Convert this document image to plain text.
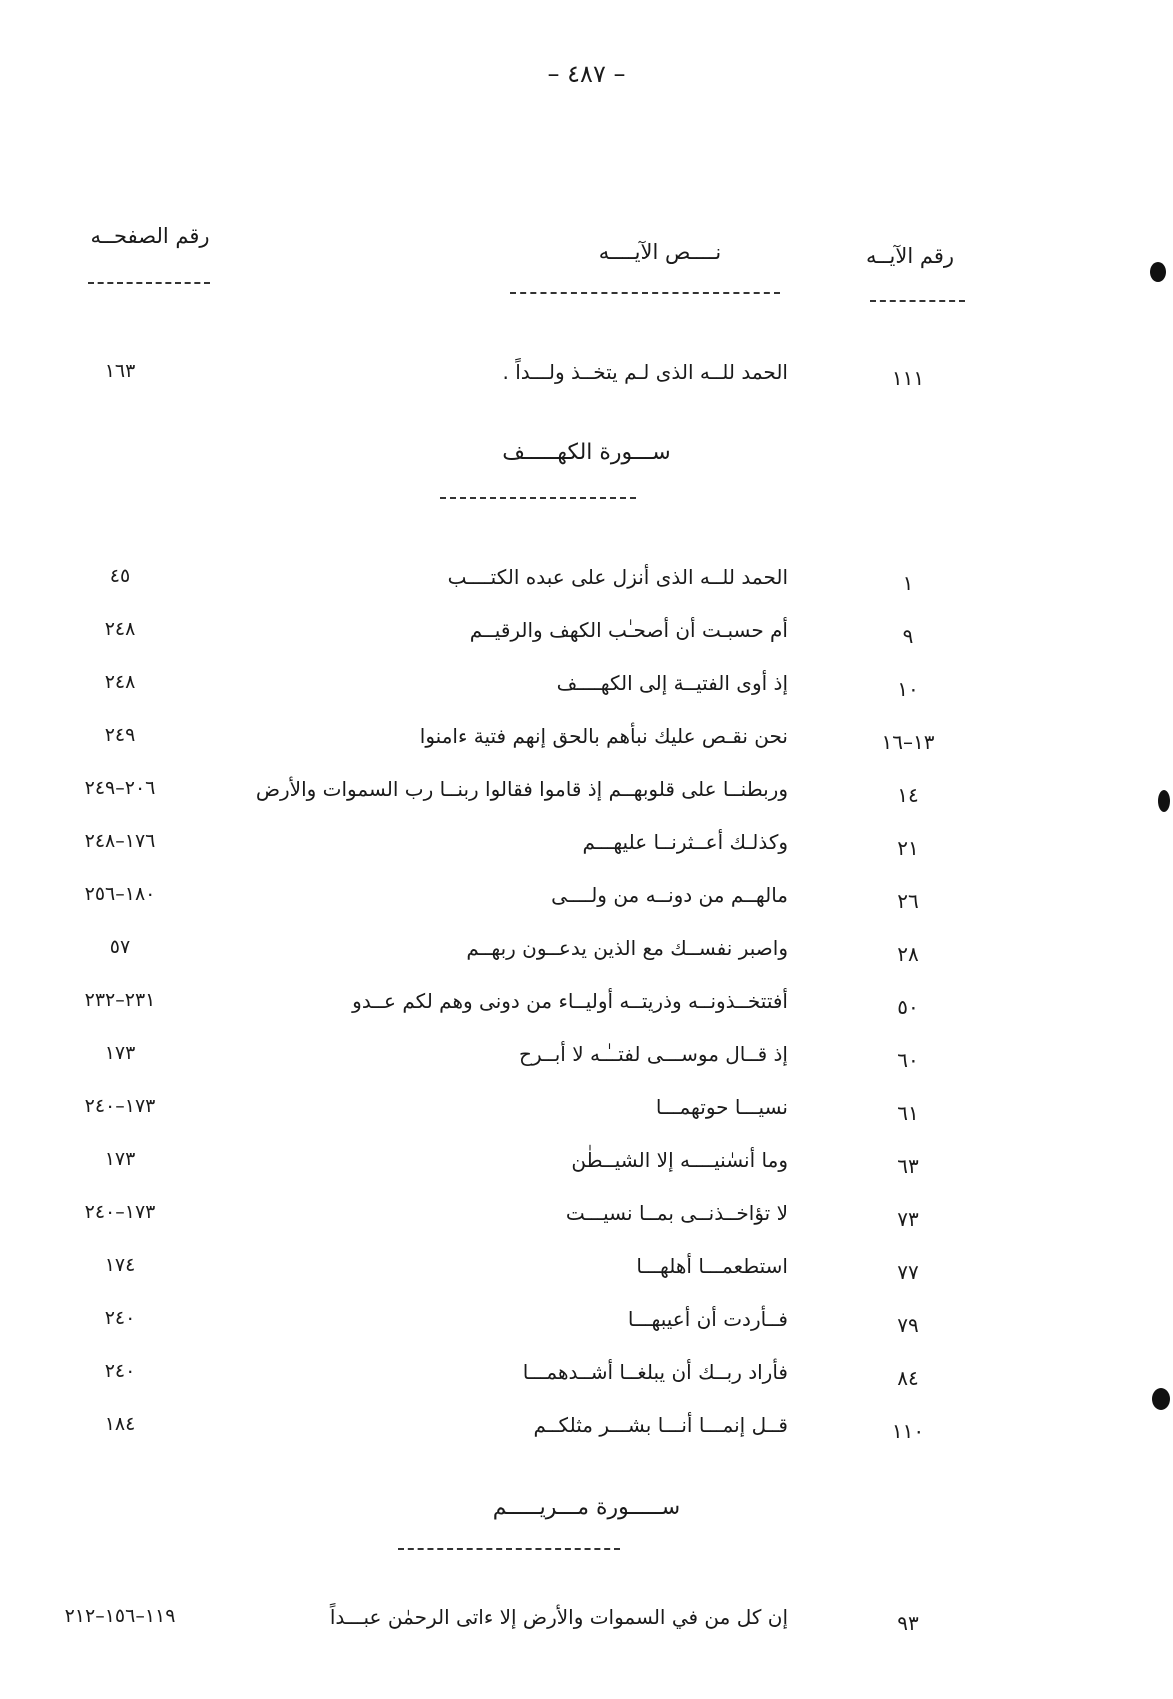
– ٤٨٧ –
رقم الآيــه
نــــص الآيــــه
رقم الصفحــه
١١١
الحمد للــه الذى لـم يتخــذ ولـــداً .
١٦٣
ســـورة الكهـــــف
١
الحمد للــه الذى أنزل على عبده الكتــــب
٤٥
٩
أم حسبـت أن أصحـٰب الكهف والرقيــم
٢٤٨
١٠
إذ أوى الفتيــة إلى الكهــــف
٢٤٨
١٣–١٦
نحن نقـص عليك نبأهم بالحق إنهم فتية ءامنوا
٢٤٩
١٤
وربطنــا على قلوبهــم إذ قاموا فقالوا ربنــا رب السموات والأرض
٢٠٦–٢٤٩
٢١
وكذلـك أعــثرنــا عليهـــم
١٧٦–٢٤٨
٢٦
مالهــم من دونــه من ولــــى
١٨٠–٢٥٦
٢٨
واصبر نفســك مع الذين يدعــون ربهــم
٥٧
٥٠
أفتتخــذونــه وذريتــه أوليــاء من دونى وهم لكم عــدو
٢٣١–٢٣٢
٦٠
إذ قــال موســـى لفتــٰـه لا أبــرح
١٧٣
٦١
نسيـــا حوتهمـــا
١٧٣–٢٤٠
٦٣
وما أنسٰنيــــه إلا الشيــطٰن
١٧٣
٧٣
لا تؤاخــذنــى بمــا نسيـــت
١٧٣–٢٤٠
٧٧
استطعمـــا أهلهـــا
١٧٤
٧٩
فــأردت أن أعيبهـــا
٢٤٠
٨٤
فأراد ربــك أن يبلغــا أشــدهمـــا
٢٤٠
١١٠
قــل إنمـــا أنـــا بشـــر مثلكــم
١٨٤
ســـــورة مـــريـــــم
٩٣
إن كل من في السموات والأرض إلا ءاتى الرحمٰن عبـــداً
١١٩–١٥٦–٢١٢
